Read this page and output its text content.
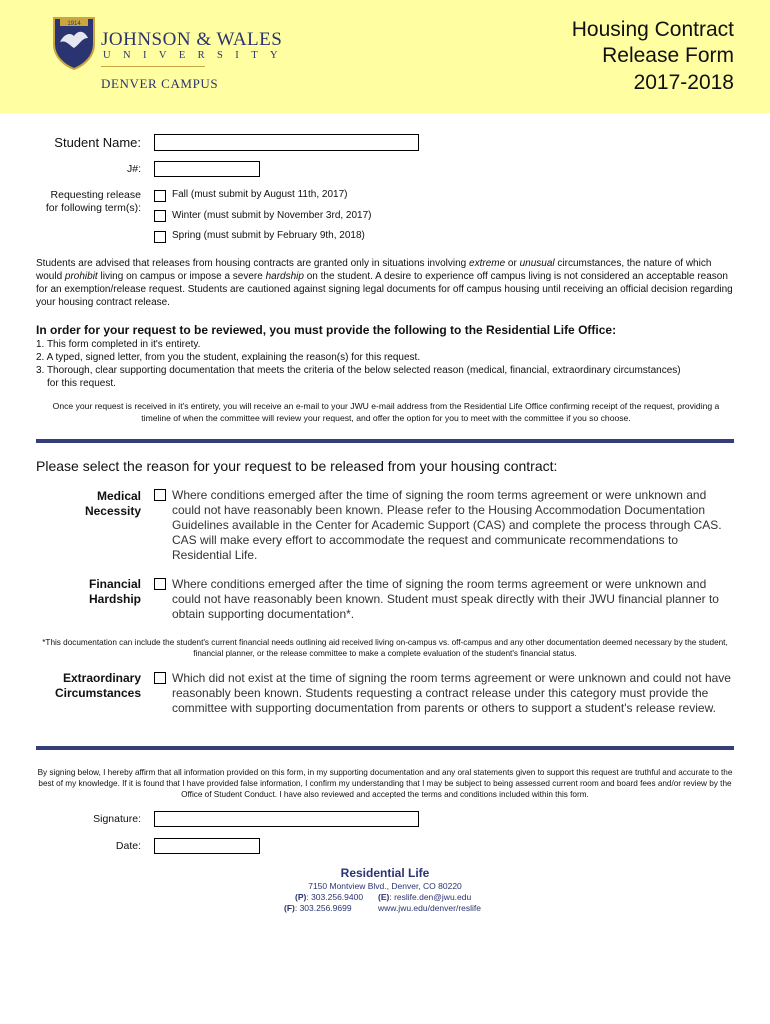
1914
JOHNSON & WALES
UNIVERSITY
DENVER CAMPUS
Housing Contract
Release Form
2017-2018
Student Name:
J#:
Requesting release
for following term(s):
Fall (must submit by August 11th, 2017)
Winter (must submit by November 3rd, 2017)
Spring (must submit by February 9th, 2018)
Students are advised that releases from housing contracts are granted only in situations involving extreme or unusual circumstances, the nature of which would prohibit living on campus or impose a severe hardship on the student. A desire to experience off campus living is not considered an acceptable reason for an exemption/release request. Students are cautioned against signing legal documents for off campus housing until receiving an official decision regarding your housing contract release.
In order for your request to be reviewed, you must provide the following to the Residential Life Office:
1. This form completed in it's entirety.
2. A typed, signed letter, from you the student, explaining the reason(s) for this request.
3. Thorough, clear supporting documentation that meets the criteria of the below selected reason (medical, financial, extraordinary circumstances)
for this request.
Once your request is received in it's entirety, you will receive an e-mail to your JWU e-mail address from the Residential Life Office confirming receipt of the request, providing a timeline of when the committee will review your request, and offer the option for you to meet with the committee if you so choose.
Please select the reason for your request to be released from your housing contract:
Medical
Necessity
Where conditions emerged after the time of signing the room terms agreement or were unknown and could not have reasonably been known. Please refer to the Housing Accommodation Documentation Guidelines available in the Center for Academic Support (CAS) and complete the process through CAS. CAS will make every effort to accommodate the request and communicate recommendations to Residential Life.
Financial
Hardship
Where conditions emerged after the time of signing the room terms agreement or were unknown and could not have reasonably been known. Student must speak directly with their JWU financial planner to obtain supporting documentation*.
*This documentation can include the student's current financial needs outlining aid received living on-campus vs. off-campus and any other documentation deemed necessary by the student, financial planner, or the release committee to make a complete evaluation of the student's financial status.
Extraordinary
Circumstances
Which did not exist at the time of signing the room terms agreement or were unknown and could not have reasonably been known. Students requesting a contract release under this category must provide the committee with supporting documentation from parents or others to support a student's release review.
By signing below, I hereby affirm that all information provided on this form, in my supporting documentation and any oral statements given to support this request are truthful and accurate to the best of my knowledge. If it is found that I have provided false information, I confirm my understanding that I may be subject to being assessed current room and board fees and/or review by the Office of Student Conduct. I have also reviewed and accepted the terms and conditions included within this form.
Signature:
Date:
Residential Life
7150 Montview Blvd., Denver, CO 80220
(P): 303.256.9400 (E): reslife.den@jwu.edu
(F): 303.256.9699	www.jwu.edu/denver/reslife
